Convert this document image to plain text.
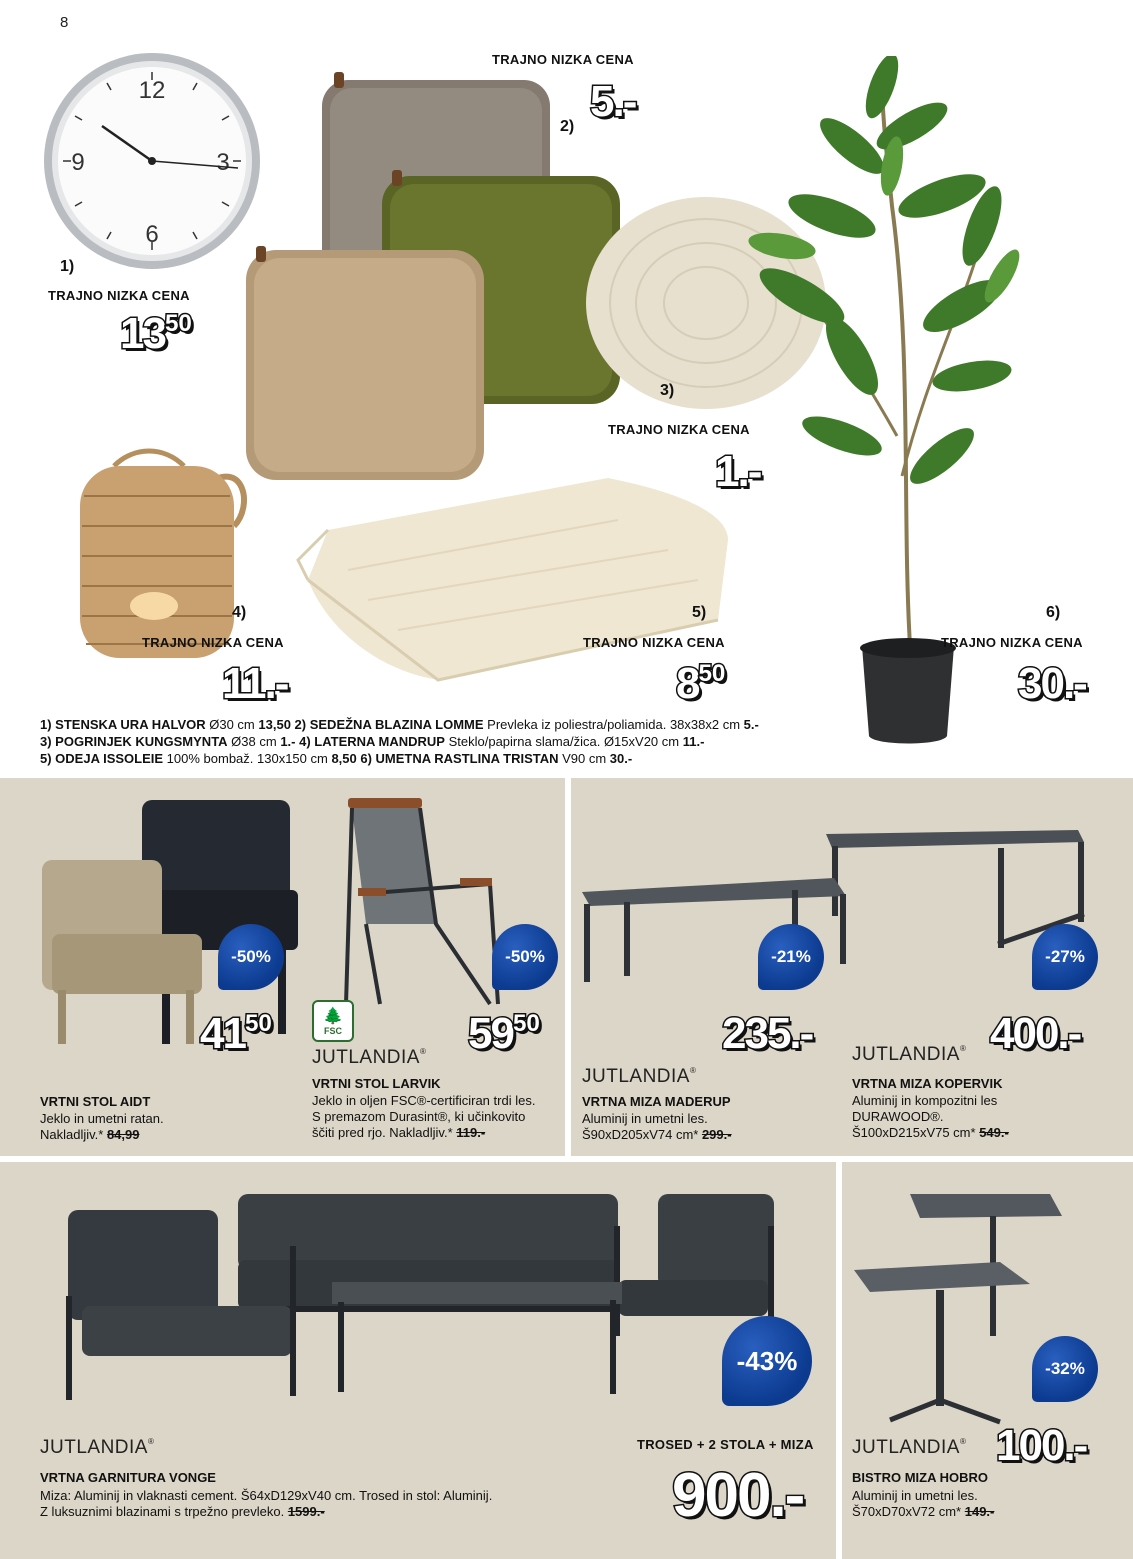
8
12
3
6
9
1)
TRAJNO NIZKA CENA
$13^{50}$
TRAJNO NIZKA CENA
5.-
2)
3)
TRAJNO NIZKA CENA
1.-
4)
TRAJNO NIZKA CENA
11.-
5)
TRAJNO NIZKA CENA
$8^{50}$
6)
TRAJNO NIZKA CENA
30.-
1) STENSKA URA HALVOR Ø30 cm 13,50 2) SEDEŽNA BLAZINA LOMME Prevleka iz poliestra/poliamida. 38x38x2 cm 5.-
3) POGRINJEK KUNGSMYNTA Ø38 cm 1.- 4) LATERNA MANDRUP Steklo/papirna slama/žica. Ø15xV20 cm 11.-
5) ODEJA ISSOLEIE 100% bombaž. 130x150 cm 8,50 6) UMETNA RASTLINA TRISTAN V90 cm 30.-
-50%
$41^{50}$
VRTNI STOL AIDT
Jeklo in umetni ratan.
Nakladljiv.* 84,99
-50%
🌲
FSC	$59^{50}$
JUTLANDIA®
VRTNI STOL LARVIK
Jeklo in oljen FSC®-certificiran trdi les.
S premazom Durasint®, ki učinkovito
ščiti pred rjo. Nakladljiv.* 119.-
-21%	-27%
235.-
JUTLANDIA®
VRTNA MIZA MADERUP
Aluminij in umetni les.
Š90xD205xV74 cm* 299.-
400.-
JUTLANDIA®
VRTNA MIZA KOPERVIK
Aluminij in kompozitni les
DURAWOOD®.
Š100xD215xV75 cm* 549.-
-43%
JUTLANDIA®
VRTNA GARNITURA VONGE
Miza: Aluminij in vlaknasti cement. Š64xD129xV40 cm. Trosed in stol: Aluminij.
Z luksuznimi blazinami s trpežno prevleko. 1599.-
TROSED + 2 STOLA + MIZA
900.-
-32%
JUTLANDIA® 100.-
BISTRO MIZA HOBRO
Aluminij in umetni les.
Š70xD70xV72 cm* 149.-
